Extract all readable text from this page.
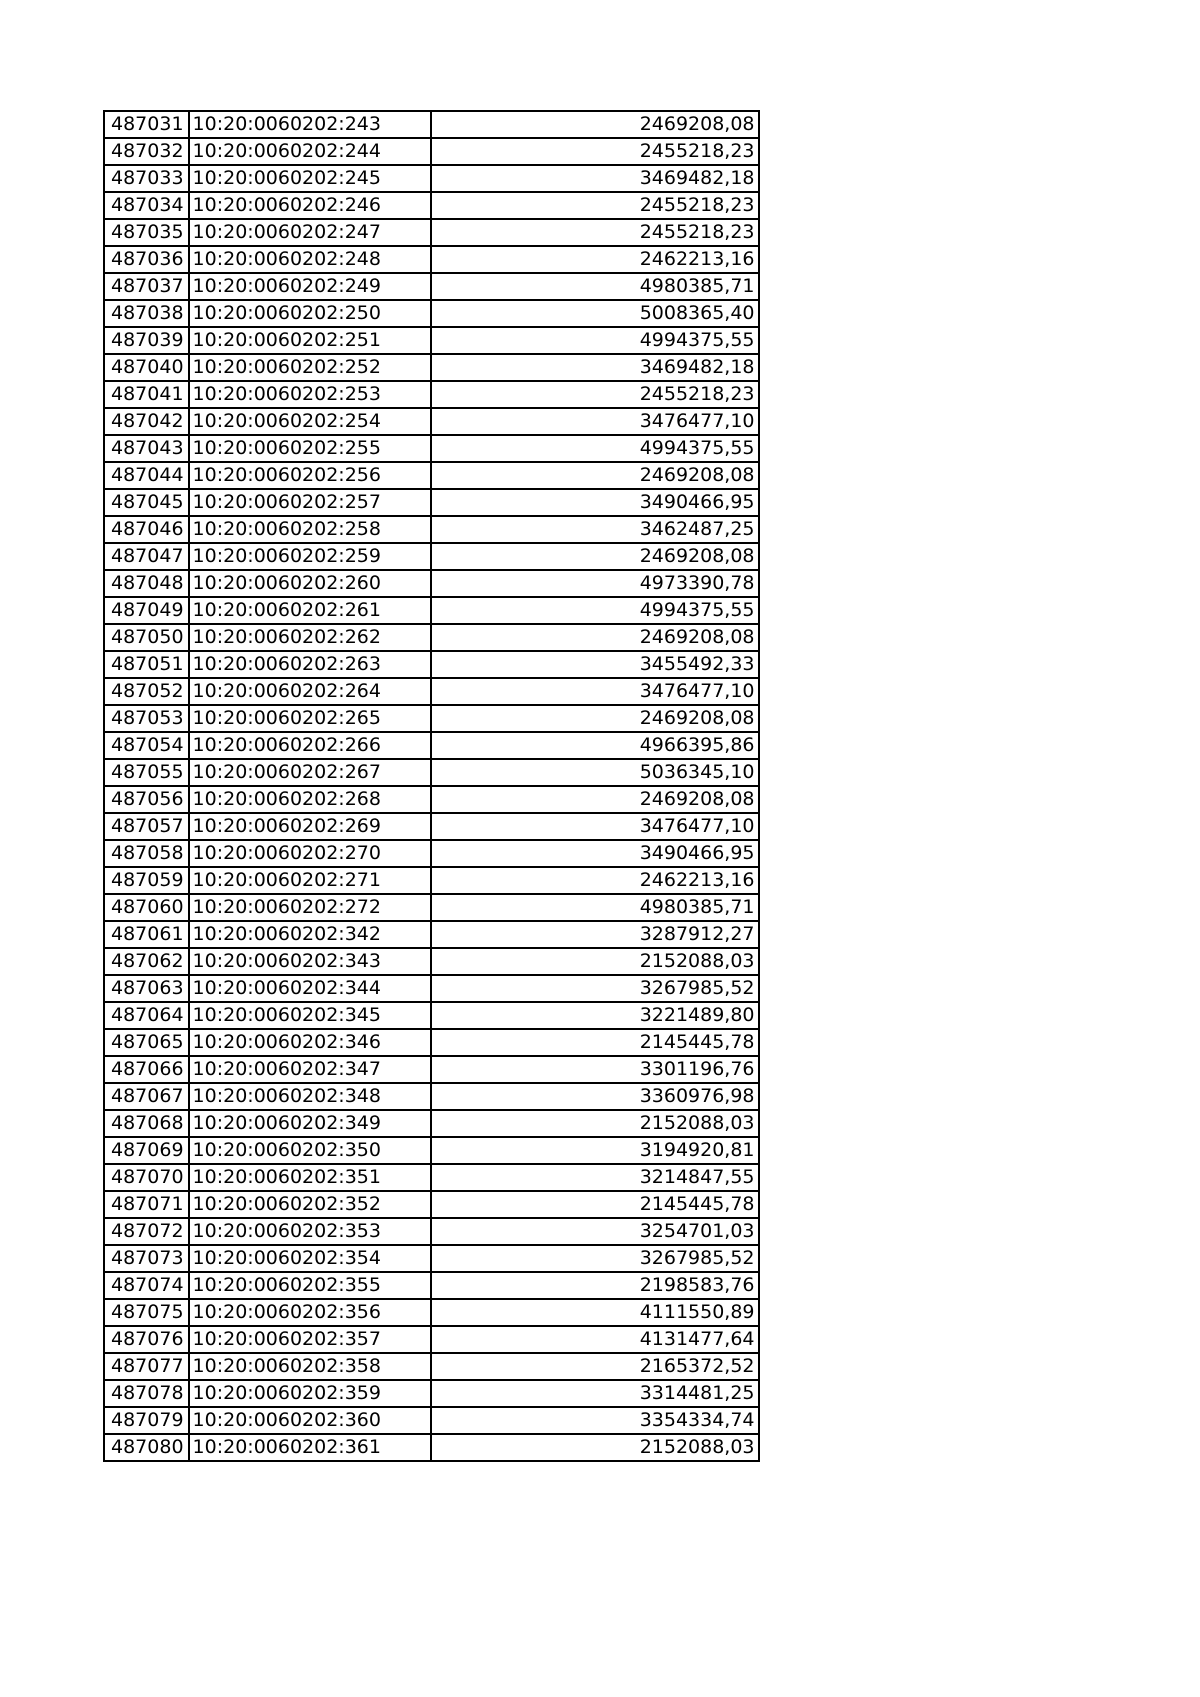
487031	10:20:0060202:243	2469208,08
487032	10:20:0060202:244	2455218,23
487033	10:20:0060202:245	3469482,18
487034	10:20:0060202:246	2455218,23
487035	10:20:0060202:247	2455218,23
487036	10:20:0060202:248	2462213,16
487037	10:20:0060202:249	4980385,71
487038	10:20:0060202:250	5008365,40
487039	10:20:0060202:251	4994375,55
487040	10:20:0060202:252	3469482,18
487041	10:20:0060202:253	2455218,23
487042	10:20:0060202:254	3476477,10
487043	10:20:0060202:255	4994375,55
487044	10:20:0060202:256	2469208,08
487045	10:20:0060202:257	3490466,95
487046	10:20:0060202:258	3462487,25
487047	10:20:0060202:259	2469208,08
487048	10:20:0060202:260	4973390,78
487049	10:20:0060202:261	4994375,55
487050	10:20:0060202:262	2469208,08
487051	10:20:0060202:263	3455492,33
487052	10:20:0060202:264	3476477,10
487053	10:20:0060202:265	2469208,08
487054	10:20:0060202:266	4966395,86
487055	10:20:0060202:267	5036345,10
487056	10:20:0060202:268	2469208,08
487057	10:20:0060202:269	3476477,10
487058	10:20:0060202:270	3490466,95
487059	10:20:0060202:271	2462213,16
487060	10:20:0060202:272	4980385,71
487061	10:20:0060202:342	3287912,27
487062	10:20:0060202:343	2152088,03
487063	10:20:0060202:344	3267985,52
487064	10:20:0060202:345	3221489,80
487065	10:20:0060202:346	2145445,78
487066	10:20:0060202:347	3301196,76
487067	10:20:0060202:348	3360976,98
487068	10:20:0060202:349	2152088,03
487069	10:20:0060202:350	3194920,81
487070	10:20:0060202:351	3214847,55
487071	10:20:0060202:352	2145445,78
487072	10:20:0060202:353	3254701,03
487073	10:20:0060202:354	3267985,52
487074	10:20:0060202:355	2198583,76
487075	10:20:0060202:356	4111550,89
487076	10:20:0060202:357	4131477,64
487077	10:20:0060202:358	2165372,52
487078	10:20:0060202:359	3314481,25
487079	10:20:0060202:360	3354334,74
487080	10:20:0060202:361	2152088,03
